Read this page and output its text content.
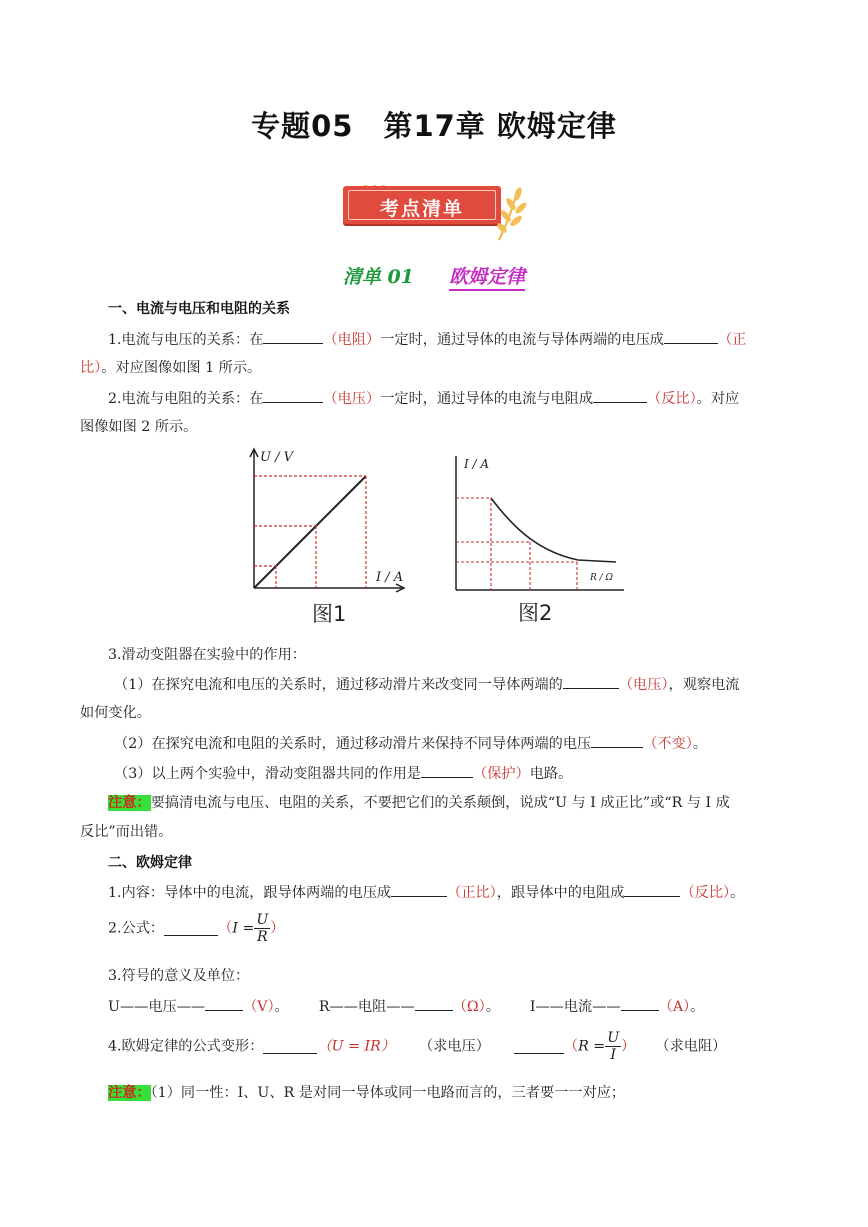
专题05　第17章 欧姆定律
考点清单
清单 01 欧姆定律
一、电流与电压和电阻的关系
1.电流与电压的关系：在	（电阻）一定时，通过导体的电流与导体两端的电压成	（正
比）。对应图像如图 1 所示。
2.电流与电阻的关系：在	（电压）一定时，通过导体的电流与电阻成	（反比）。对应
图像如图 2 所示。
U / V
I / A
图1
I / A
R / Ω
图2
3.滑动变阻器在实验中的作用：
（1）在探究电流和电压的关系时，通过移动滑片来改变同一导体两端的	（电压），观察电流
如何变化。
（2）在探究电流和电阻的关系时，通过移动滑片来保持不同导体两端的电压	（不变）。
（3）以上两个实验中，滑动变阻器共同的作用是	（保护）电路。
注意：要搞清电流与电压、电阻的关系，不要把它们的关系颠倒，说成“U 与 I 成正比”或“R 与 I 成
反比”而出错。
二、欧姆定律
1.内容：导体中的电流，跟导体两端的电压成	（正比），跟导体中的电阻成	（反比）。
2.公式：	（$I = \frac{U}{R}$ ）
3.符号的意义及单位：
U——电压——	（V）。 R——电阻——	（Ω）。 I——电流——	（A）。
4.欧姆定律的公式变形：	（U = IR） （求电压）	（$R = \frac{U}{I}$ ） （求电阻）
注意：（1）同一性：I、U、R 是对同一导体或同一电路而言的，三者要一一对应；
